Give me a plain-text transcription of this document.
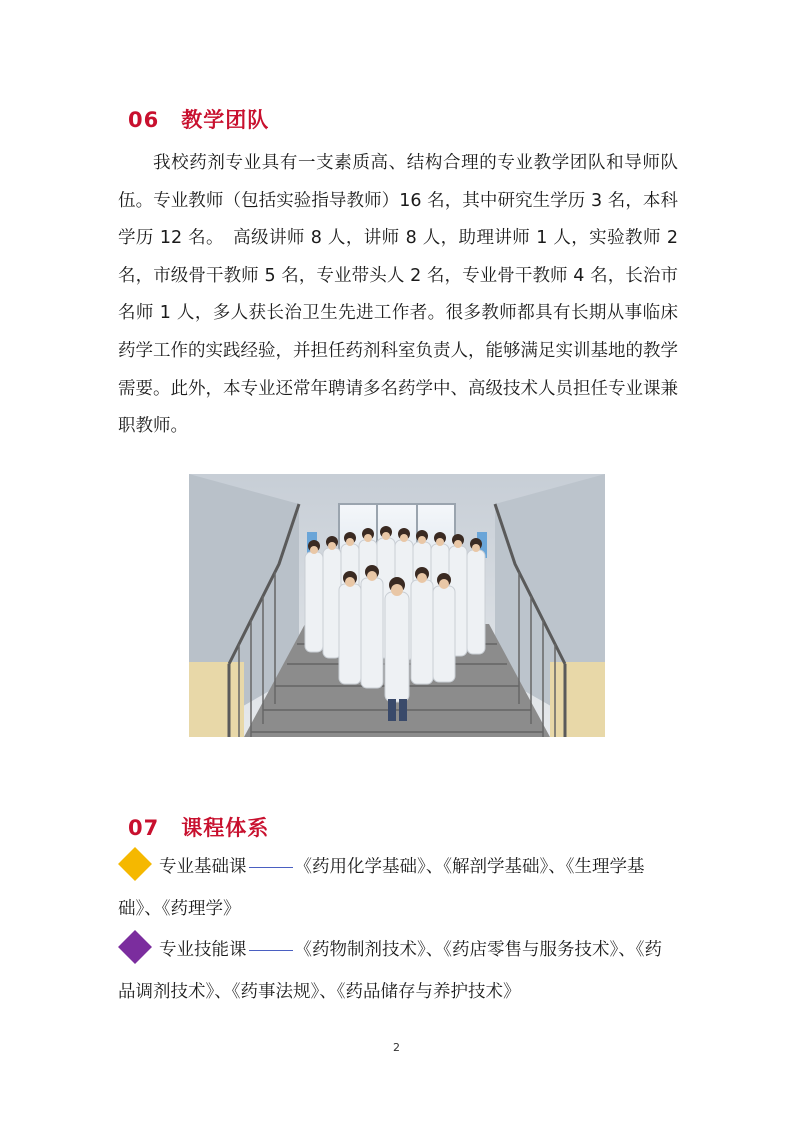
06 教学团队

我校药剂专业具有一支素质高、结构合理的专业教学团队和导师队伍。专业教师（包括实验指导教师）16 名，其中研究生学历 3 名，本科学历 12 名。　高级讲师 8 人，讲师 8 人，助理讲师 1 人，实验教师 2 名，市级骨干教师 5 名，专业带头人 2 名，专业骨干教师 4 名，长治市名师 1 人，多人获长治卫生先进工作者。很多教师都具有长期从事临床药学工作的实践经验，并担任药剂科室负责人，能够满足实训基地的教学需要。此外，本专业还常年聘请多名药学中、高级技术人员担任专业课兼职教师。

07 课程体系

专业基础课	《药用化学基础》、《解剖学基础》、《生理学基础》、《药理学》

专业技能课	《药物制剂技术》、《药店零售与服务技术》、《药品调剂技术》、《药事法规》、《药品储存与养护技术》

2
